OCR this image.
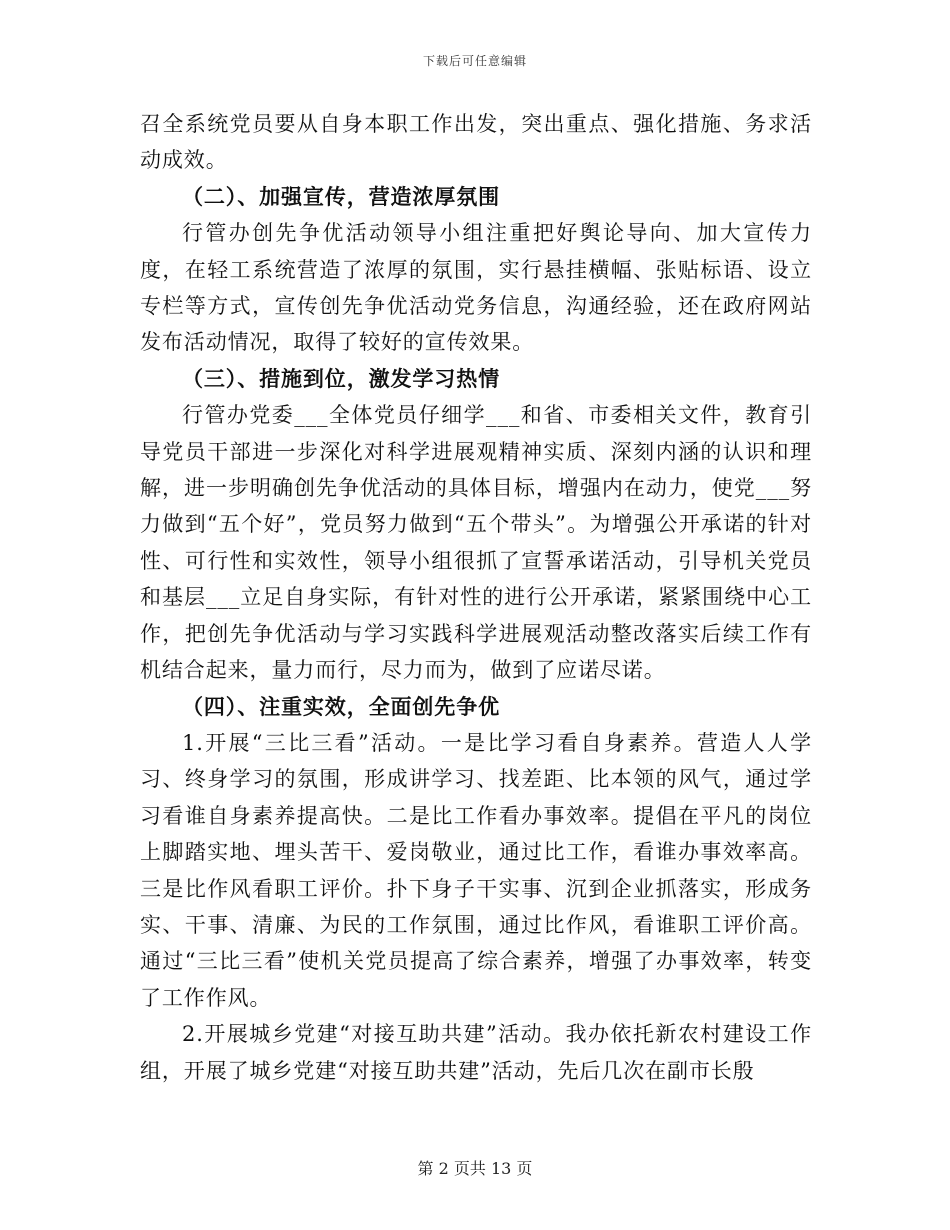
下载后可任意编辑

召全系统党员要从自身本职工作出发，突出重点、强化措施、务求活动成效。

（二）、加强宣传，营造浓厚氛围

行管办创先争优活动领导小组注重把好舆论导向、加大宣传力度，在轻工系统营造了浓厚的氛围，实行悬挂横幅、张贴标语、设立专栏等方式，宣传创先争优活动党务信息，沟通经验，还在政府网站发布活动情况，取得了较好的宣传效果。

（三）、措施到位，激发学习热情

行管办党委___全体党员仔细学___和省、市委相关文件，教育引导党员干部进一步深化对科学进展观精神实质、深刻内涵的认识和理解，进一步明确创先争优活动的具体目标，增强内在动力，使党___努力做到“五个好”，党员努力做到“五个带头”。为增强公开承诺的针对性、可行性和实效性，领导小组很抓了宣誓承诺活动，引导机关党员和基层___立足自身实际，有针对性的进行公开承诺，紧紧围绕中心工作，把创先争优活动与学习实践科学进展观活动整改落实后续工作有机结合起来，量力而行，尽力而为，做到了应诺尽诺。

（四）、注重实效，全面创先争优

1.开展“三比三看”活动。一是比学习看自身素养。营造人人学习、终身学习的氛围，形成讲学习、找差距、比本领的风气，通过学习看谁自身素养提高快。二是比工作看办事效率。提倡在平凡的岗位上脚踏实地、埋头苦干、爱岗敬业，通过比工作，看谁办事效率高。三是比作风看职工评价。扑下身子干实事、沉到企业抓落实，形成务实、干事、清廉、为民的工作氛围，通过比作风，看谁职工评价高。通过“三比三看”使机关党员提高了综合素养，增强了办事效率，转变了工作作风。

2.开展城乡党建“对接互助共建”活动。我办依托新农村建设工作组，开展了城乡党建“对接互助共建”活动，先后几次在副市长殷

第 2 页共 13 页
